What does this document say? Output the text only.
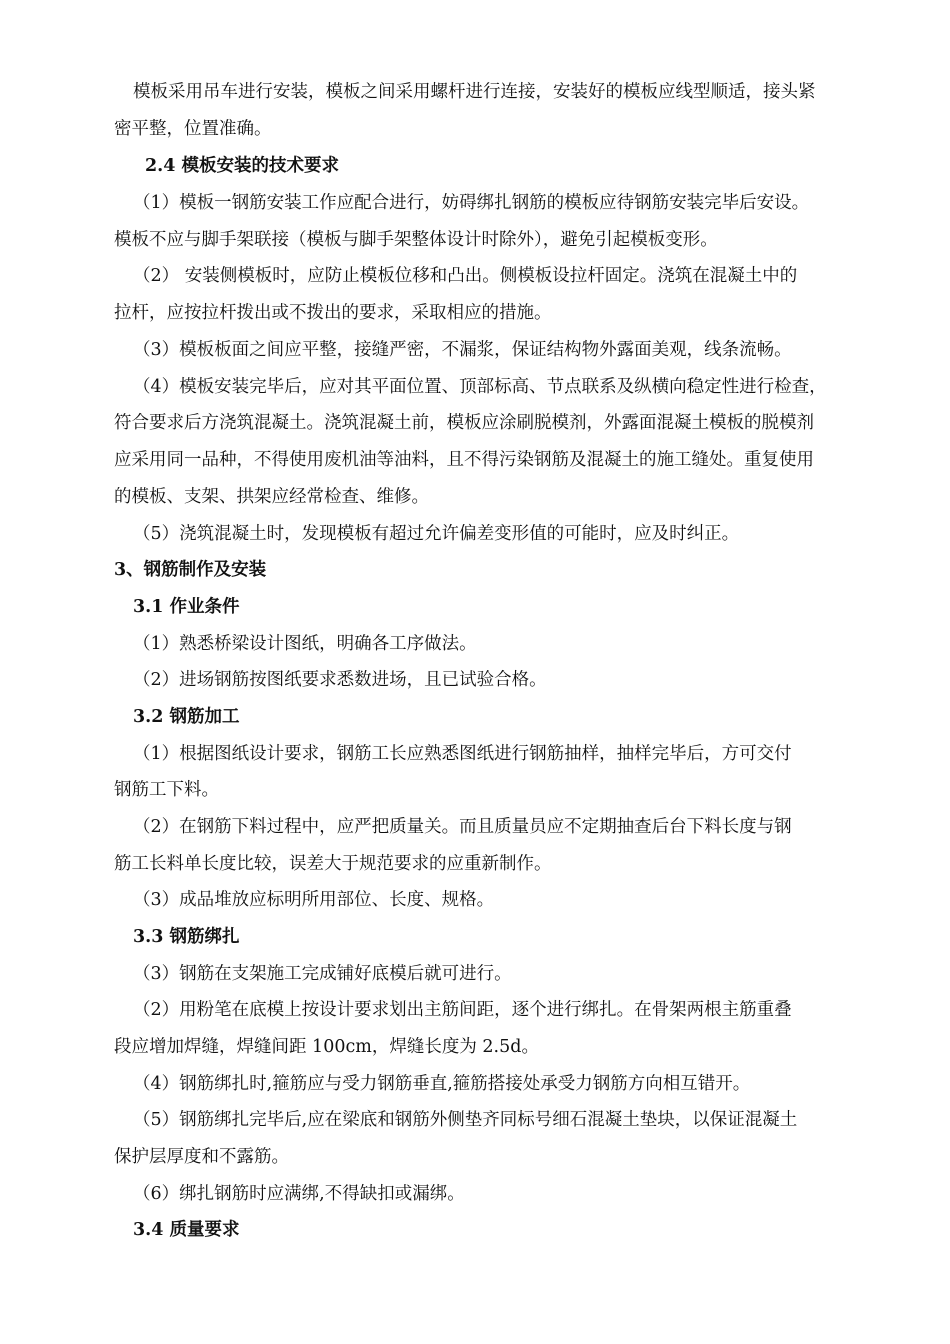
模板采用吊车进行安装，模板之间采用螺杆进行连接，安装好的模板应线型顺适，接头紧
密平整，位置准确。
2.4 模板安装的技术要求
（1）模板一钢筋安装工作应配合进行，妨碍绑扎钢筋的模板应待钢筋安装完毕后安设。
模板不应与脚手架联接（模板与脚手架整体设计时除外），避免引起模板变形。
（2） 安装侧模板时，应防止模板位移和凸出。侧模板设拉杆固定。浇筑在混凝土中的
拉杆，应按拉杆拨出或不拨出的要求，采取相应的措施。
（3）模板板面之间应平整，接缝严密，不漏浆，保证结构物外露面美观，线条流畅。
（4）模板安装完毕后，应对其平面位置、顶部标高、节点联系及纵横向稳定性进行检查，
符合要求后方浇筑混凝土。浇筑混凝土前，模板应涂刷脱模剂，外露面混凝土模板的脱模剂
应采用同一品种，不得使用废机油等油料，且不得污染钢筋及混凝土的施工缝处。重复使用
的模板、支架、拱架应经常检查、维修。
（5）浇筑混凝土时，发现模板有超过允许偏差变形值的可能时，应及时纠正。
3、钢筋制作及安装
3.1 作业条件
（1）熟悉桥梁设计图纸，明确各工序做法。
（2）进场钢筋按图纸要求悉数进场，且已试验合格。
3.2 钢筋加工
（1）根据图纸设计要求，钢筋工长应熟悉图纸进行钢筋抽样，抽样完毕后，方可交付
钢筋工下料。
（2）在钢筋下料过程中，应严把质量关。而且质量员应不定期抽查后台下料长度与钢
筋工长料单长度比较，误差大于规范要求的应重新制作。
（3）成品堆放应标明所用部位、长度、规格。
3.3 钢筋绑扎
（3）钢筋在支架施工完成铺好底模后就可进行。
（2）用粉笔在底模上按设计要求划出主筋间距，逐个进行绑扎。在骨架两根主筋重叠
段应增加焊缝，焊缝间距 100cm，焊缝长度为 2.5d。
（4）钢筋绑扎时,箍筋应与受力钢筋垂直,箍筋搭接处承受力钢筋方向相互错开。
（5）钢筋绑扎完毕后,应在梁底和钢筋外侧垫齐同标号细石混凝土垫块，以保证混凝土
保护层厚度和不露筋。
（6）绑扎钢筋时应满绑,不得缺扣或漏绑。
3.4 质量要求
